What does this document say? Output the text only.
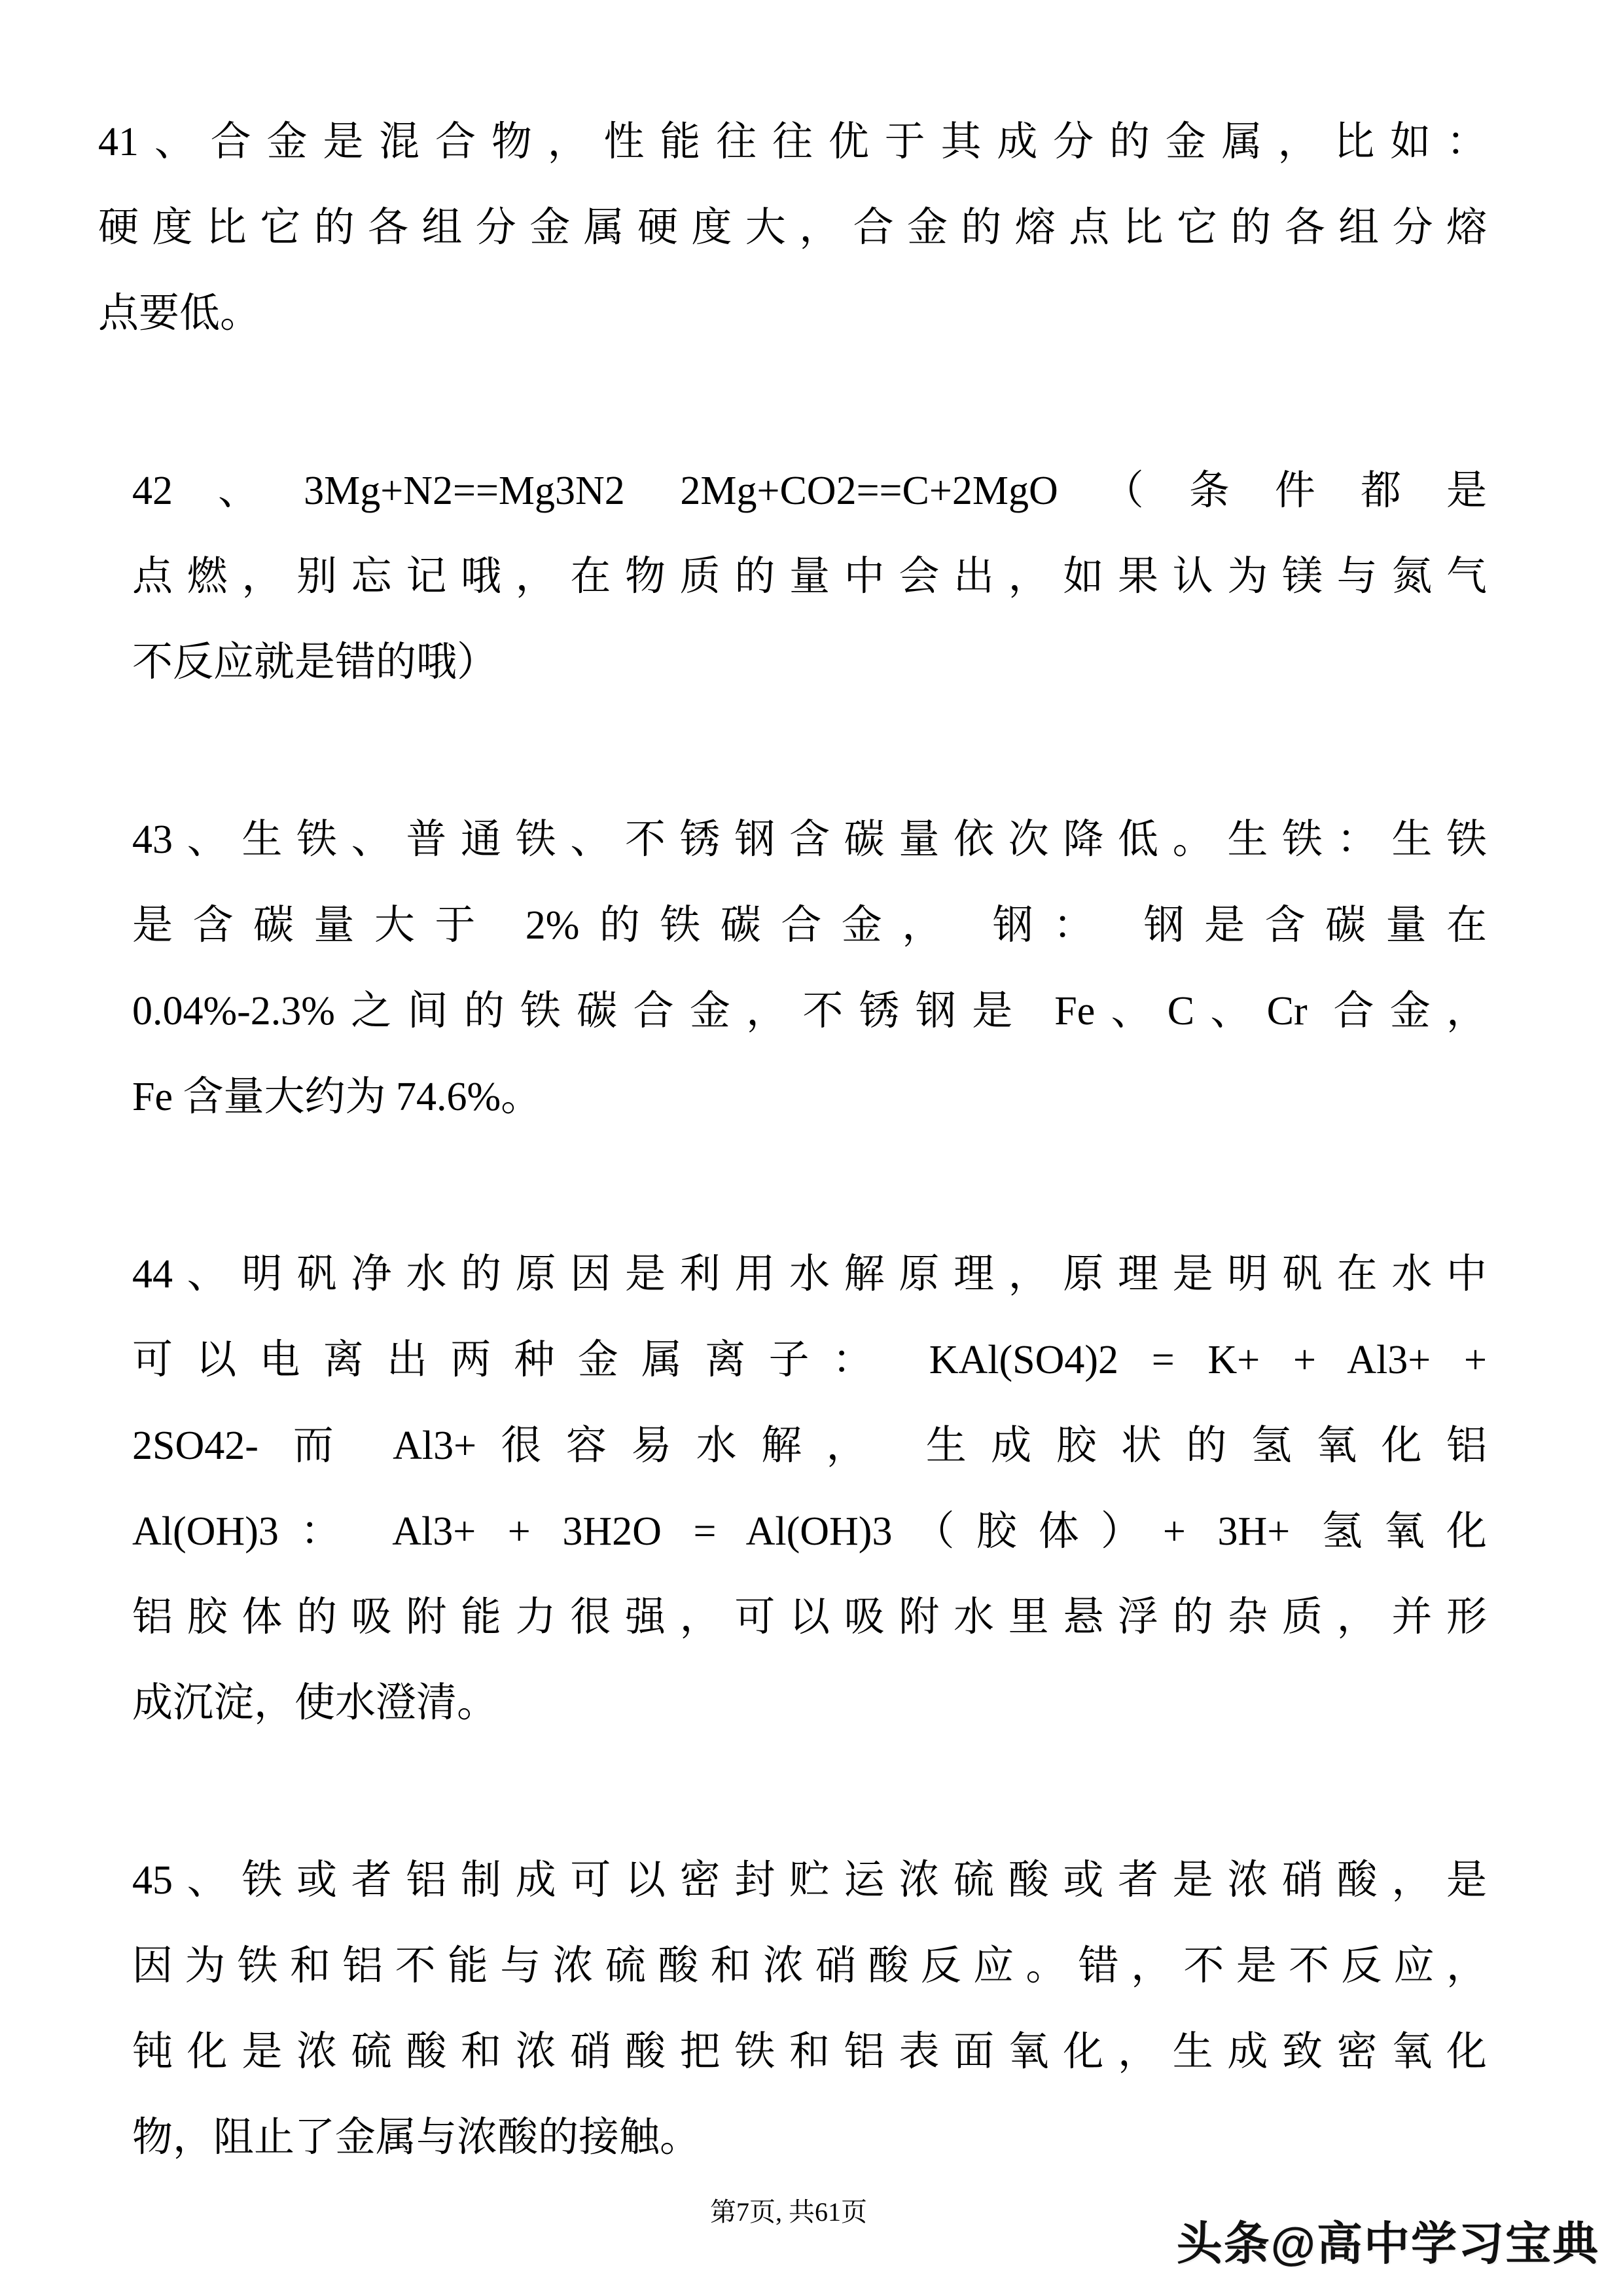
41、合金是混合物，性能往往优于其成分的金属，比如：
硬度比它的各组分金属硬度大，合金的熔点比它的各组分熔
点要低。
42、3Mg+N2==Mg3N2 2Mg+CO2==C+2MgO（条件都是
点燃，别忘记哦，在物质的量中会出，如果认为镁与氮气
不反应就是错的哦）
43、生铁、普通铁、不锈钢含碳量依次降低。生铁：生铁
是含碳量大于 2%的铁碳合金， 钢： 钢是含碳量在
0.04%-2.3%之间的铁碳合金，不锈钢是 Fe、C、Cr 合金，
Fe 含量大约为 74.6%。
44、明矾净水的原因是利用水解原理，原理是明矾在水中
可以电离出两种金属离子： KAl(SO4)2 = K+ + Al3+ +
2SO42- 而 Al3+很容易水解， 生成胶状的氢氧化铝
Al(OH)3： Al3+ + 3H2O = Al(OH)3（胶体）+ 3H+ 氢氧化
铝胶体的吸附能力很强，可以吸附水里悬浮的杂质，并形
成沉淀，使水澄清。
45、铁或者铝制成可以密封贮运浓硫酸或者是浓硝酸，是
因为铁和铝不能与浓硫酸和浓硝酸反应。错，不是不反应，
钝化是浓硫酸和浓硝酸把铁和铝表面氧化，生成致密氧化
物，阻止了金属与浓酸的接触。
第7页, 共61页
头条@高中学习宝典
